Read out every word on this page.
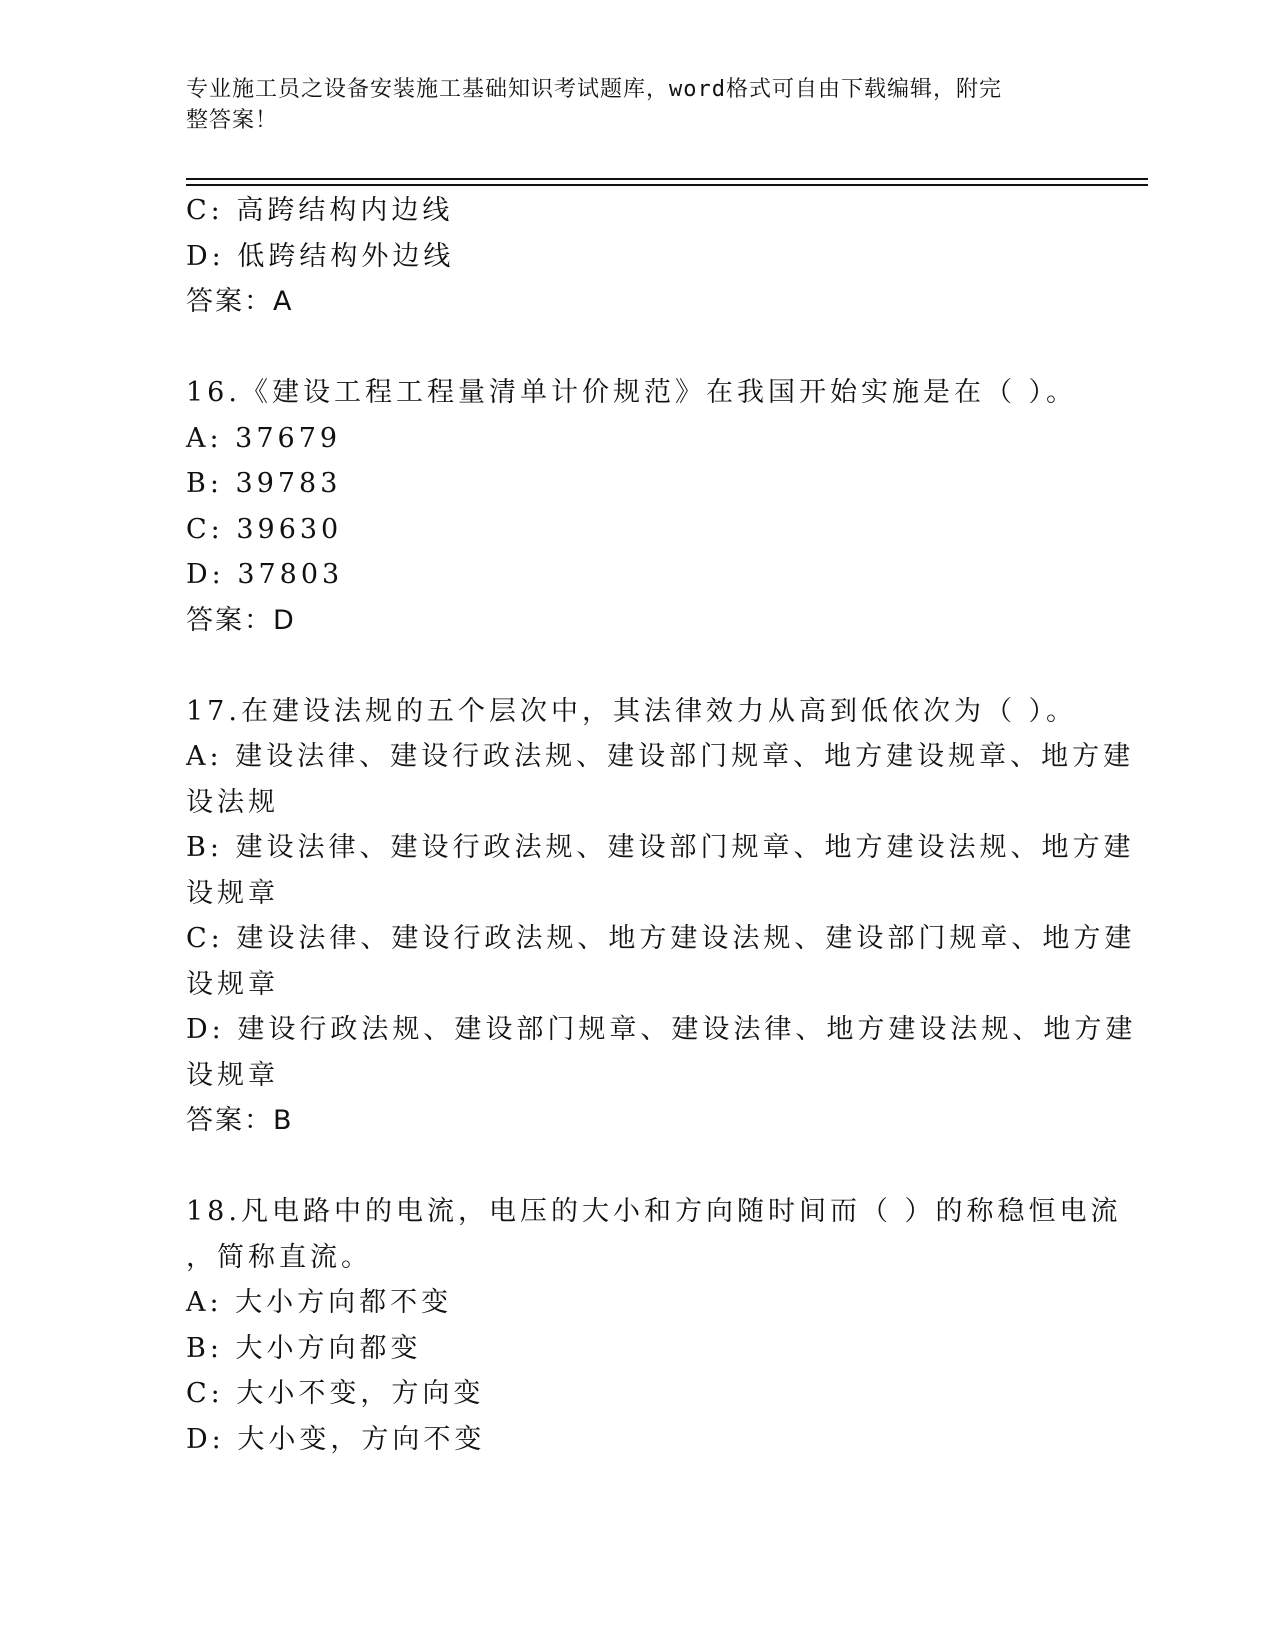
专业施工员之设备安装施工基础知识考试题库，word格式可自由下载编辑，附完
整答案！
C: 高跨结构内边线
D: 低跨结构外边线
答案：A
16.《建设工程工程量清单计价规范》在我国开始实施是在（ ）。
A: 37679
B: 39783
C: 39630
D: 37803
答案：D
17.在建设法规的五个层次中，其法律效力从高到低依次为（ ）。
A: 建设法律、建设行政法规、建设部门规章、地方建设规章、地方建
设法规
B: 建设法律、建设行政法规、建设部门规章、地方建设法规、地方建
设规章
C: 建设法律、建设行政法规、地方建设法规、建设部门规章、地方建
设规章
D: 建设行政法规、建设部门规章、建设法律、地方建设法规、地方建
设规章
答案：B
18.凡电路中的电流，电压的大小和方向随时间而（ ）的称稳恒电流
，简称直流。
A: 大小方向都不变
B: 大小方向都变
C: 大小不变，方向变
D: 大小变，方向不变
